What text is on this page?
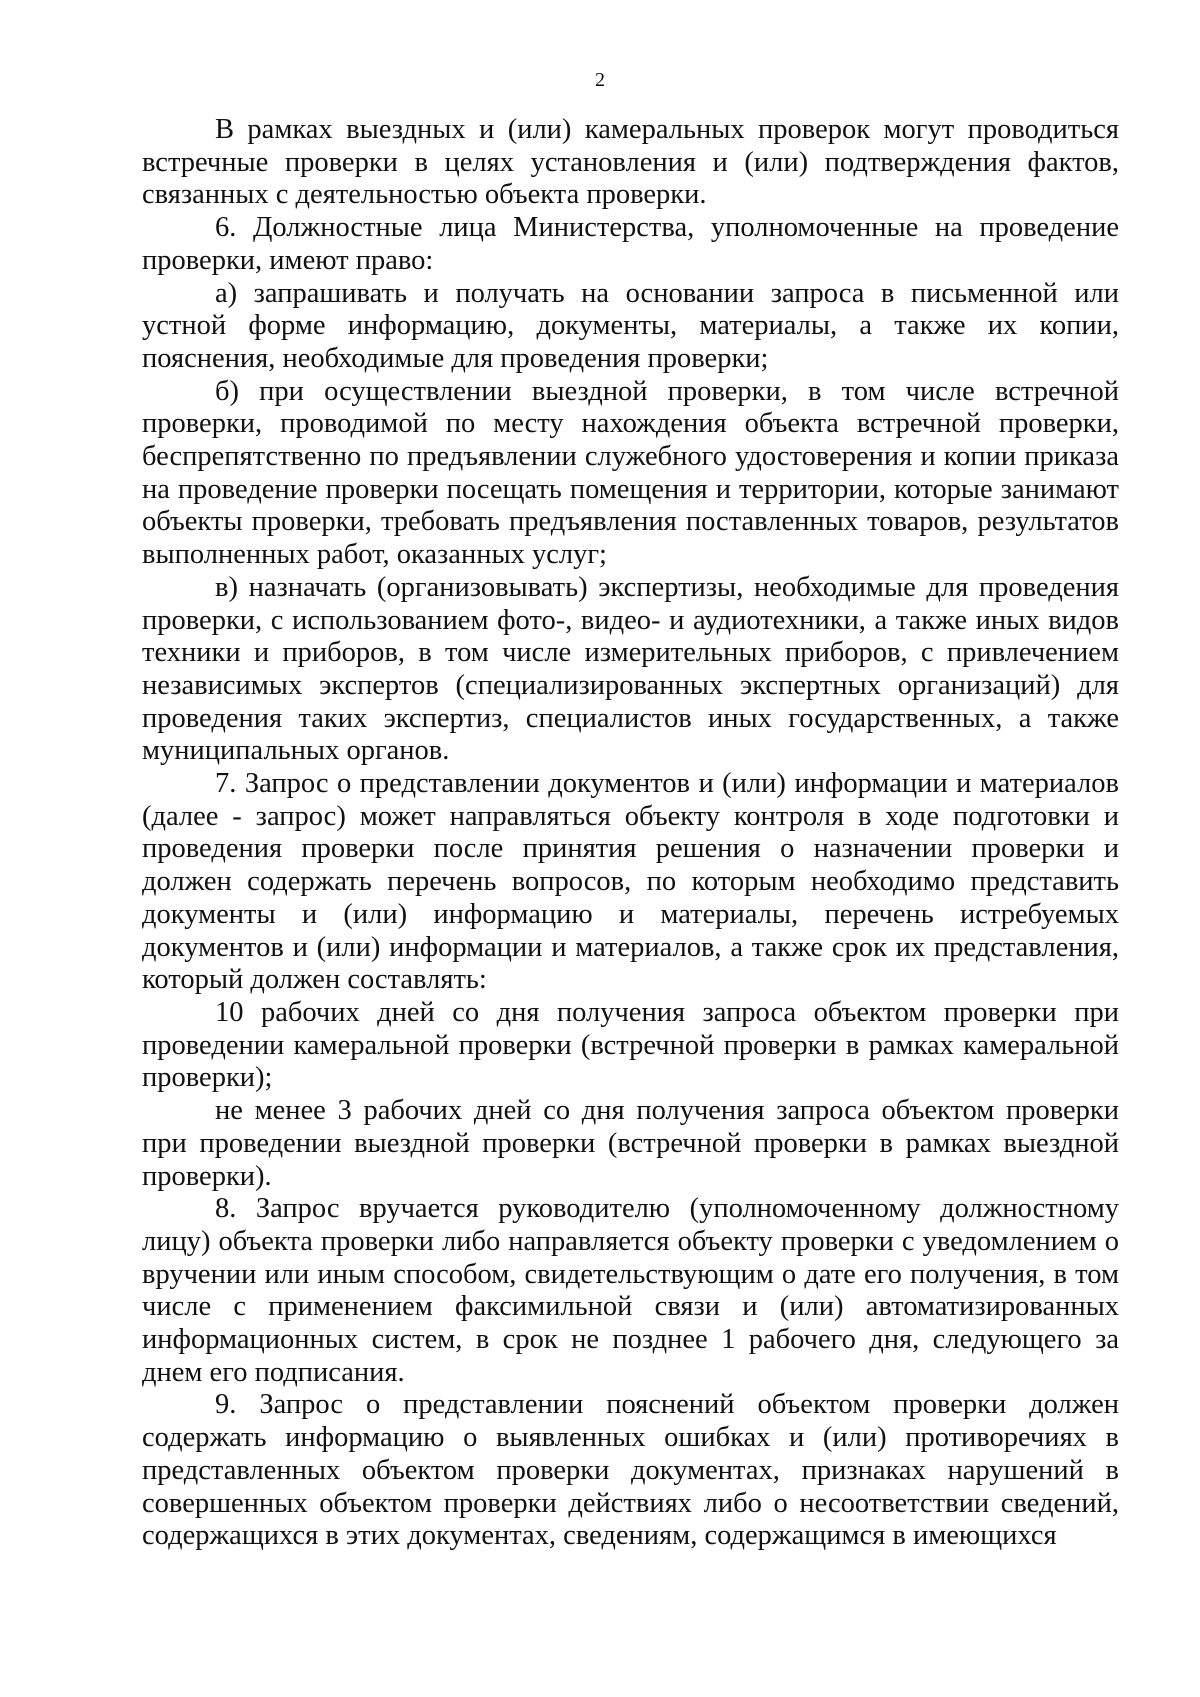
2

В рамках выездных и (или) камеральных проверок могут проводиться встречные проверки в целях установления и (или) подтверждения фактов, связанных с деятельностью объекта проверки.

6. Должностные лица Министерства, уполномоченные на проведение проверки, имеют право:

а) запрашивать и получать на основании запроса в письменной или устной форме информацию, документы, материалы, а также их копии, пояснения, необходимые для проведения проверки;

б) при осуществлении выездной проверки, в том числе встречной проверки, проводимой по месту нахождения объекта встречной проверки, беспрепятственно по предъявлении служебного удостоверения и копии приказа на проведение проверки посещать помещения и территории, которые занимают объекты проверки, требовать предъявления поставленных товаров, результатов выполненных работ, оказанных услуг;

в) назначать (организовывать) экспертизы, необходимые для проведения проверки, с использованием фото-, видео- и аудиотехники, а также иных видов техники и приборов, в том числе измерительных приборов, с привлечением независимых экспертов (специализированных экспертных организаций) для проведения таких экспертиз, специалистов иных государственных, а также муниципальных органов.

7. Запрос о представлении документов и (или) информации и материалов (далее - запрос) может направляться объекту контроля в ходе подготовки и проведения проверки после принятия решения о назначении проверки и должен содержать перечень вопросов, по которым необходимо представить документы и (или) информацию и материалы, перечень истребуемых документов и (или) информации и материалов, а также срок их представления, который должен составлять:

10 рабочих дней со дня получения запроса объектом проверки при проведении камеральной проверки (встречной проверки в рамках камеральной проверки);

не менее 3 рабочих дней со дня получения запроса объектом проверки при проведении выездной проверки (встречной проверки в рамках выездной проверки).

8. Запрос вручается руководителю (уполномоченному должностному лицу) объекта проверки либо направляется объекту проверки с уведомлением о вручении или иным способом, свидетельствующим о дате его получения, в том числе с применением факсимильной связи и (или) автоматизированных информационных систем, в срок не позднее 1 рабочего дня, следующего за днем его подписания.

9. Запрос о представлении пояснений объектом проверки должен содержать информацию о выявленных ошибках и (или) противоречиях в представленных объектом проверки документах, признаках нарушений в совершенных объектом проверки действиях либо о несоответствии сведений, содержащихся в этих документах, сведениям, содержащимся в имеющихся
